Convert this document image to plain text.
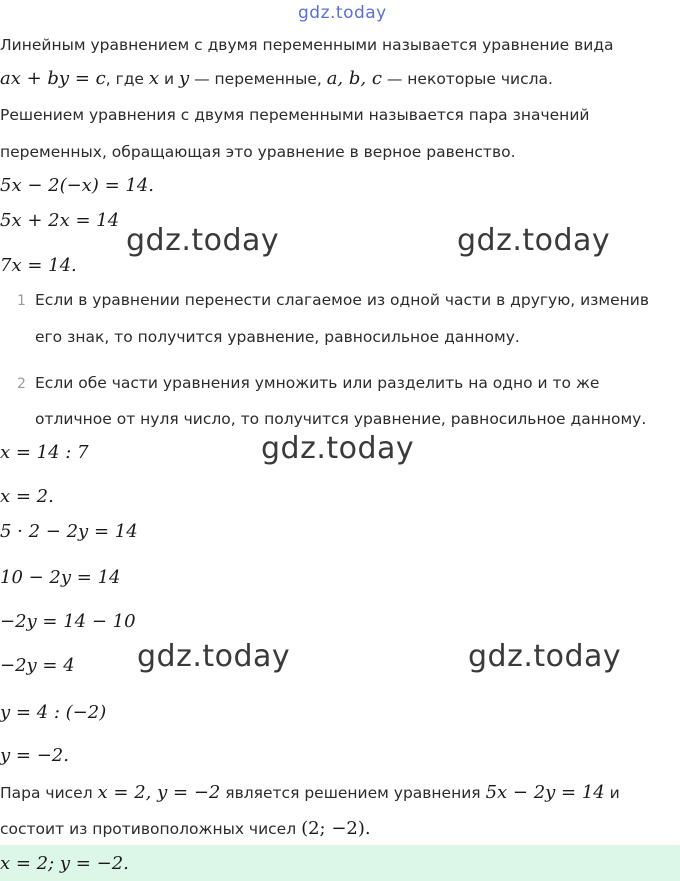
gdz.today
Линейным уравнением с двумя переменными называется уравнение вида
ax + by = c, где x и y — переменные, a, b, c — некоторые числа.
Решением уравнения с двумя переменными называется пара значений
переменных, обращающая это уравнение в верное равенство.
5x − 2(−x) = 14.
5x + 2x = 14
7x = 14.
gdz.today	gdz.today
1 Если в уравнении перенести слагаемое из одной части в другую, изменив
его знак, то получится уравнение, равносильное данному.
2 Если обе части уравнения умножить или разделить на одно и то же
отличное от нуля число, то получится уравнение, равносильное данному.
x = 14 : 7	gdz.today
x = 2.
5 · 2 − 2y = 14
10 − 2y = 14
−2y = 14 − 10
−2y = 4 gdz.today	gdz.today
y = 4 : (−2)
y = −2.
Пара чисел x = 2, y = −2 является решением уравнения 5x − 2y = 14 и
состоит из противоположных чисел (2; −2).
x = 2; y = −2.
